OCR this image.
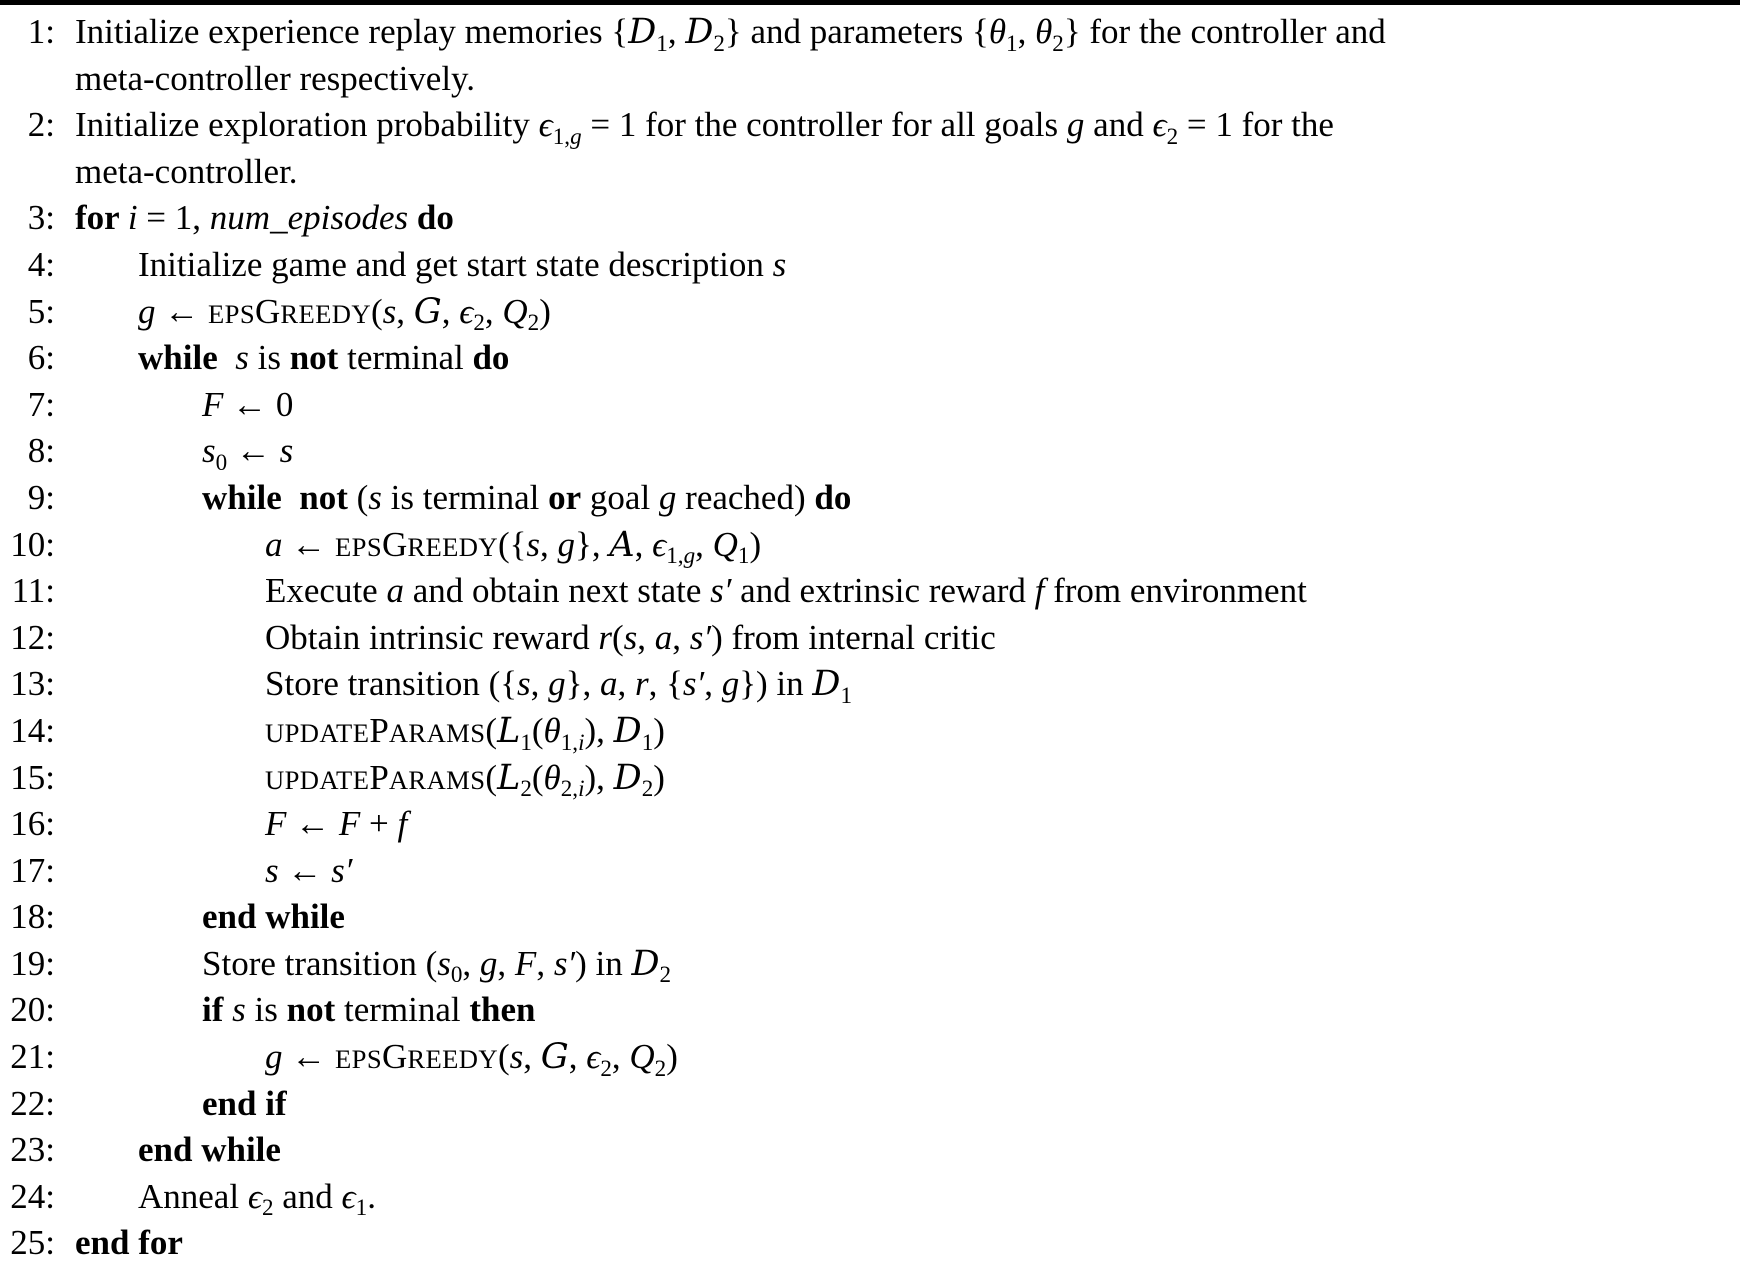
1: Initialize experience replay memories {$D_1$, $D_2$} and parameters {$\theta_1$, $\theta_2$} for the controller and
meta-controller respectively.
2: Initialize exploration probability $\epsilon_{1,g} = 1$ for the controller for all goals g and $\epsilon_2 = 1$ for the
meta-controller.
3: for i = 1, num_episodes do
4: Initialize game and get start state description s
5: g ← EPSGREEDY(s, G, $\epsilon_2$, $Q_2$)
6: while s is not terminal do
7:	F ← 0
8:	$s_0$ ← s
9:	while not (s is terminal or goal g reached) do
10:	a ← EPSGREEDY({s, g}, A, $\epsilon_{1,g}$, $Q_1$)
11:	Execute a and obtain next state s′ and extrinsic reward f from environment
12:	Obtain intrinsic reward r(s, a, s′) from internal critic
13:	Store transition ({s, g}, a, r, {s′, g}) in $D_1$
14:	$UPDATEPARAMS(L_1(\theta_{1,i})$, $D_1$)
15:	$UPDATEPARAMS(L_2(\theta_{2,i})$, $D_2$)
16:	F ← F + f
17:	s ← s′
18:	end while
19:	Store transition ($s_0$, g, F, s′) in $D_2$
20:	if s is not terminal then
21:	g ← EPSGREEDY(s, G, $\epsilon_2$, $Q_2$)
22:	end if
23: end while
24: Anneal $\epsilon_2$ and $\epsilon_1$.
25: end for
